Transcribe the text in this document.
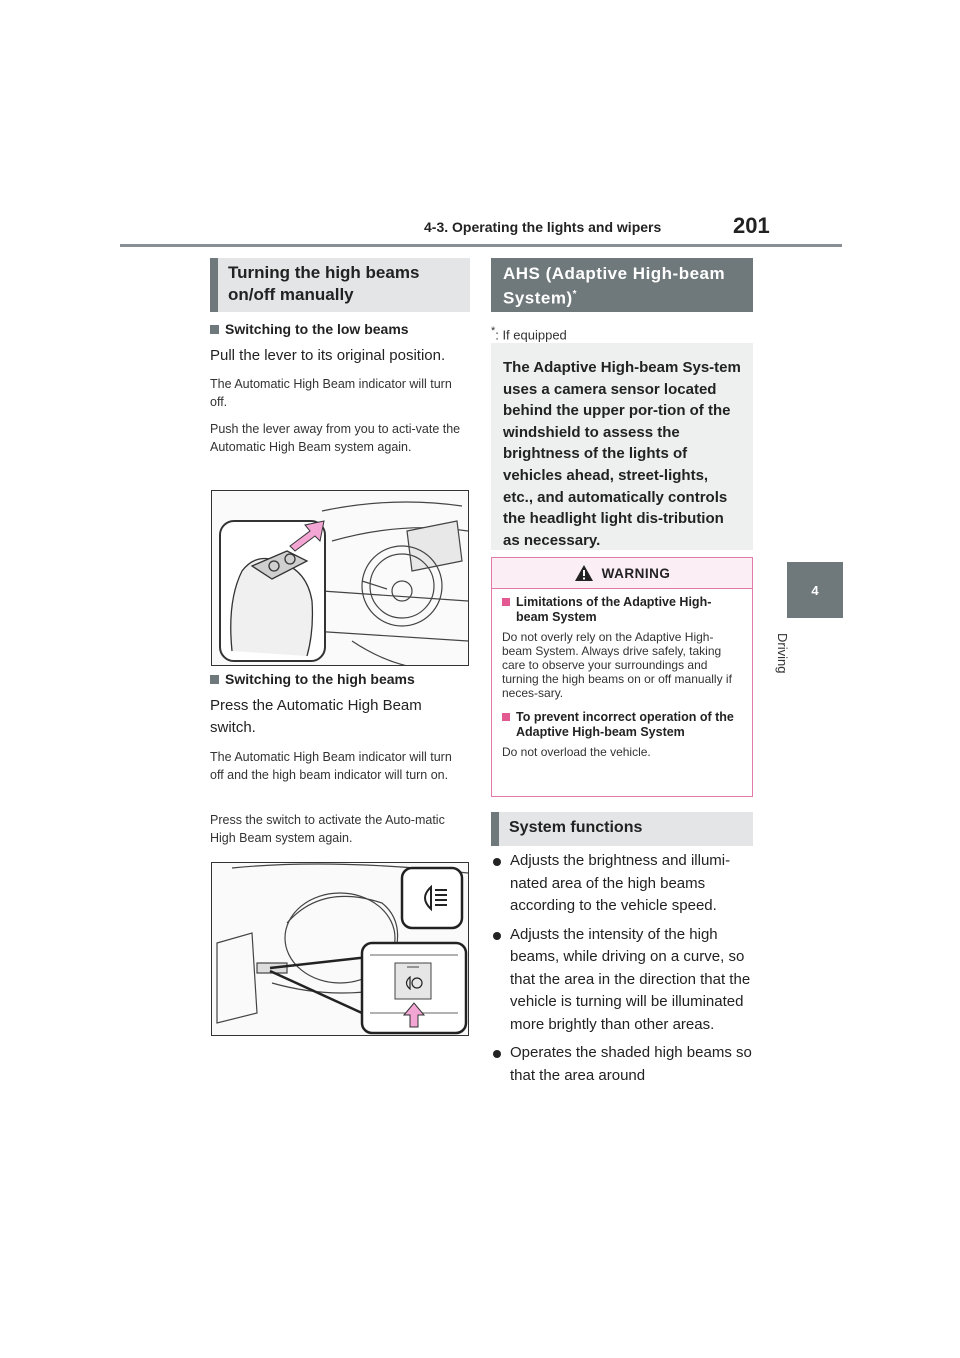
4-3. Operating the lights and wipers	201
4
Driving
Turning the high beams on/off manually
Switching to the low beams
Pull the lever to its original position.
The Automatic High Beam indicator will turn off.
Push the lever away from you to acti-vate the Automatic High Beam system again.
Switching to the high beams
Press the Automatic High Beam switch.
The Automatic High Beam indicator will turn off and the high beam indicator will turn on.
Press the switch to activate the Auto-matic High Beam system again.
AHS (Adaptive High-beam System)*
*: If equipped
The Adaptive High-beam Sys-tem uses a camera sensor located behind the upper por-tion of the windshield to assess the brightness of the lights of vehicles ahead, street-lights, etc., and automatically controls the headlight light dis-tribution as necessary.
WARNING
Limitations of the Adaptive High-beam System
Do not overly rely on the Adaptive High-beam System. Always drive safely, taking care to observe your surroundings and turning the high beams on or off manually if neces-sary.
To prevent incorrect operation of the Adaptive High-beam System
Do not overload the vehicle.
System functions
Adjusts the brightness and illumi-nated area of the high beams according to the vehicle speed.
Adjusts the intensity of the high beams, while driving on a curve, so that the area in the direction that the vehicle is turning will be illuminated more brightly than other areas.
Operates the shaded high beams so that the area around
